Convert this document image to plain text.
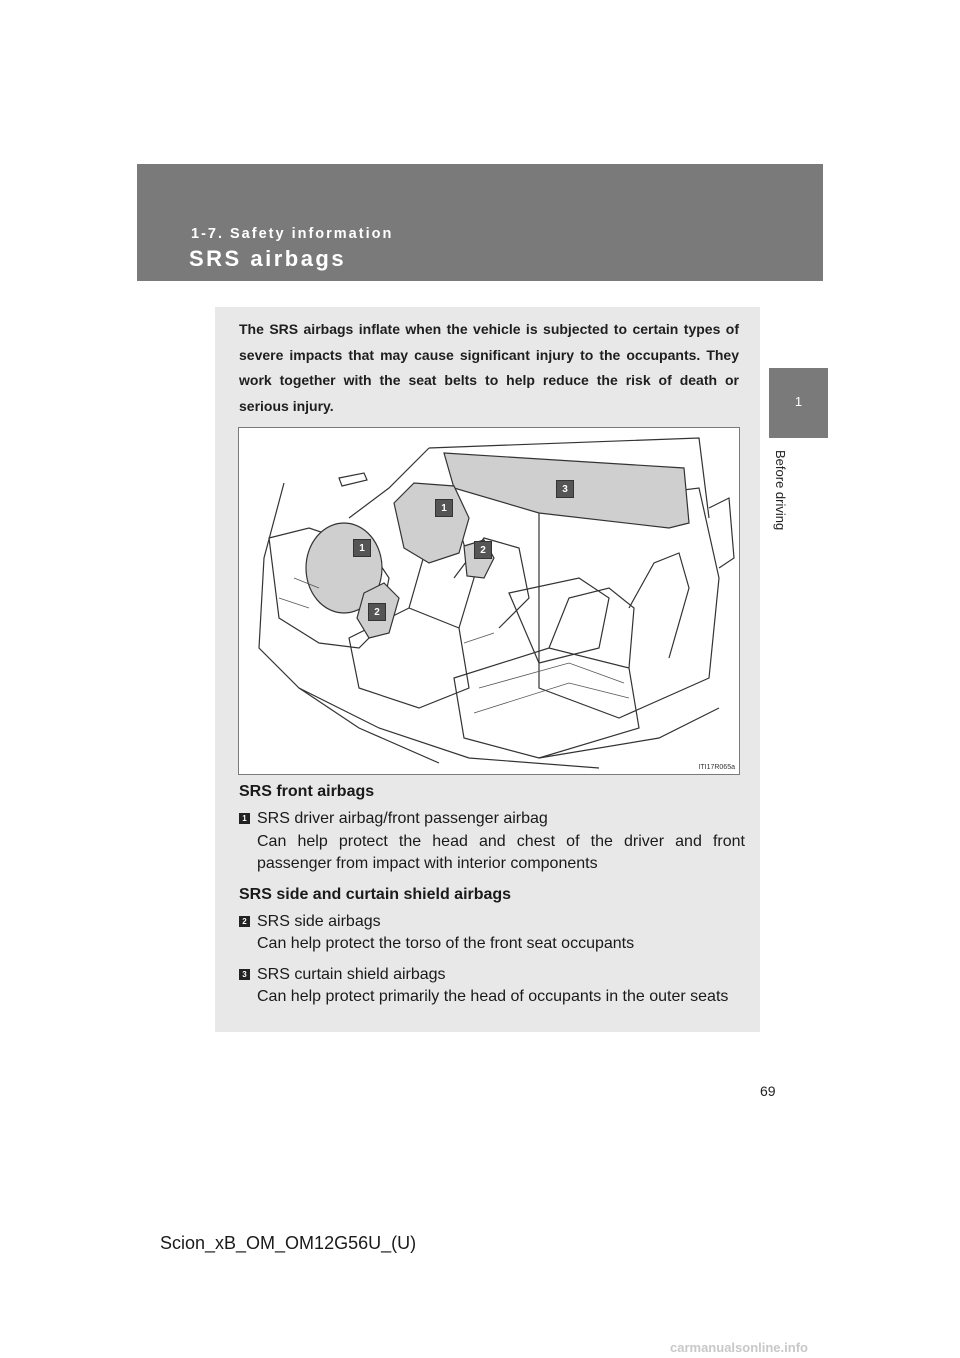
1-7. Safety information
SRS airbags
1
Before driving
The SRS airbags inflate when the vehicle is subjected to certain types of severe impacts that may cause significant injury to the occupants. They work together with the seat belts to help reduce the risk of death or serious injury.
1
1	2
2
3
ITI17R065a
SRS front airbags
1 SRS driver airbag/front passenger airbag
Can help protect the head and chest of the driver and front passenger from impact with interior components
SRS side and curtain shield airbags
2 SRS side airbags
Can help protect the torso of the front seat occupants
3 SRS curtain shield airbags
Can help protect primarily the head of occupants in the outer seats
69
Scion_xB_OM_OM12G56U_(U)
carmanualsonline.info
